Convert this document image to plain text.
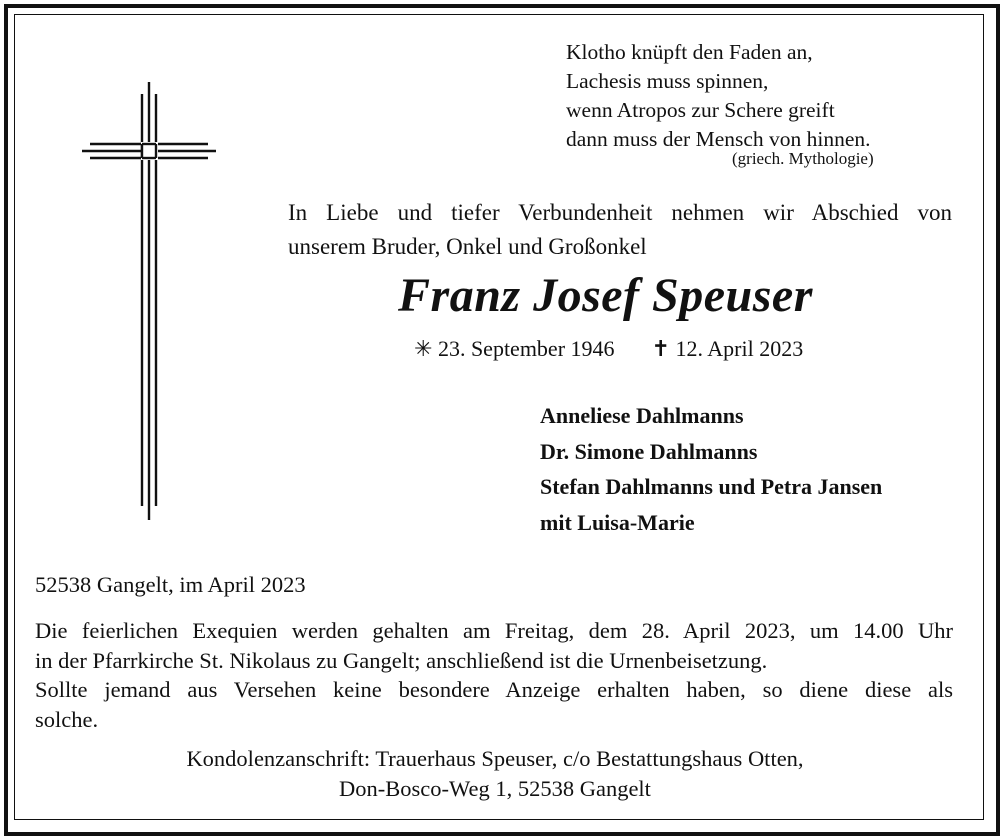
Klotho knüpft den Faden an,
Lachesis muss spinnen,
wenn Atropos zur Schere greift
dann muss der Mensch von hinnen.
(griech. Mythologie)
In Liebe und tiefer Verbundenheit nehmen wir Abschied von
unserem Bruder, Onkel und Großonkel
Franz Josef Speuser
✳ 23. September 1946 ✝ 12. April 2023
Anneliese Dahlmanns
Dr. Simone Dahlmanns
Stefan Dahlmanns und Petra Jansen
mit Luisa-Marie
52538 Gangelt, im April 2023
Die feierlichen Exequien werden gehalten am Freitag, dem 28. April 2023, um 14.00 Uhr
in der Pfarrkirche St. Nikolaus zu Gangelt; anschließend ist die Urnenbeisetzung.
Sollte jemand aus Versehen keine besondere Anzeige erhalten haben, so diene diese als
solche.
Kondolenzanschrift: Trauerhaus Speuser, c/o Bestattungshaus Otten,
Don-Bosco-Weg 1, 52538 Gangelt
